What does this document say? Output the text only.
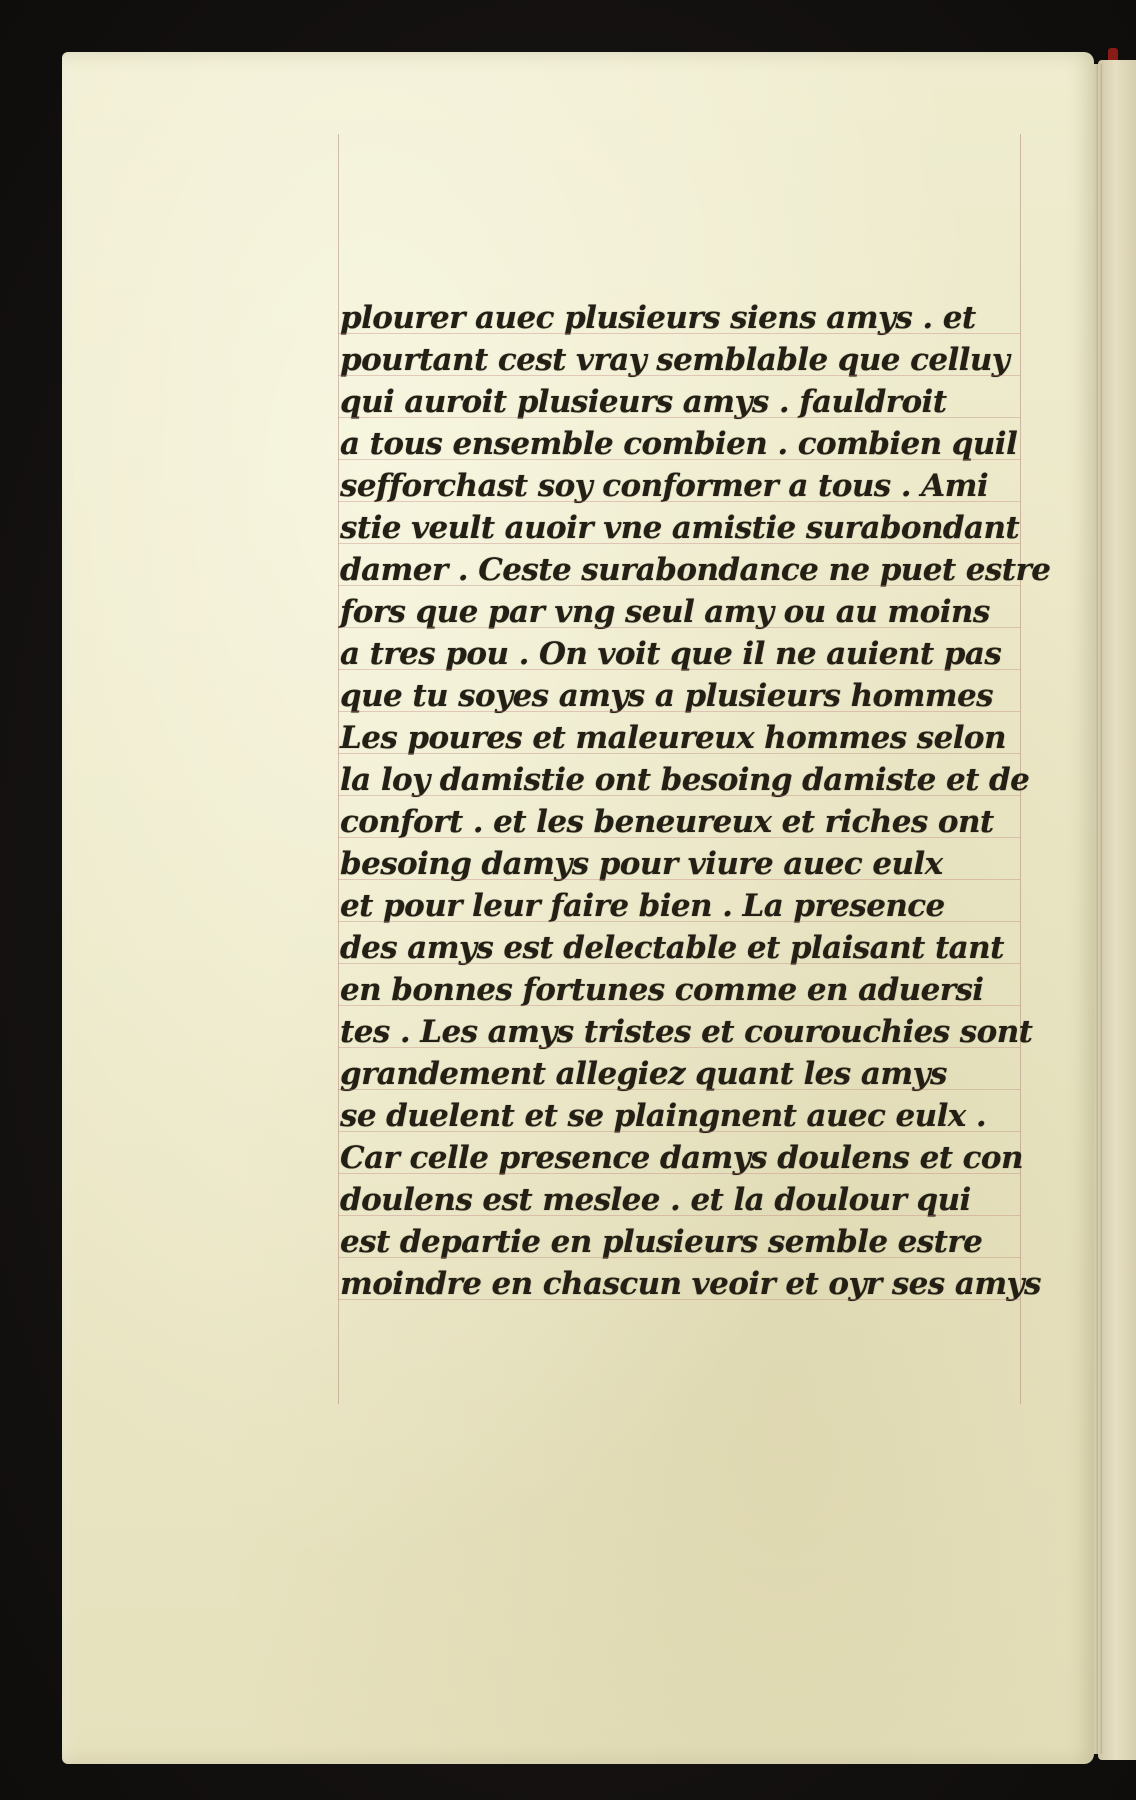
plourer auec plusieurs siens amys . et
pourtant cest vray semblable que celluy
qui auroit plusieurs amys . fauldroit
a tous ensemble combien . combien quil
sefforchast soy conformer a tous . Ami
stie veult auoir vne amistie surabondant
damer . Ceste surabondance ne puet estre
fors que par vng seul amy ou au moins
a tres pou . On voit que il ne auient pas
que tu soyes amys a plusieurs hommes
Les poures et maleureux hommes selon
la loy damistie ont besoing damiste et de
confort . et les beneureux et riches ont
besoing damys pour viure auec eulx
et pour leur faire bien . La presence
des amys est delectable et plaisant tant
en bonnes fortunes comme en aduersi
tes . Les amys tristes et courouchies sont
grandement allegiez quant les amys
se duelent et se plaingnent auec eulx .
Car celle presence damys doulens et con
doulens est meslee . et la doulour qui
est departie en plusieurs semble estre
moindre en chascun veoir et oyr ses amys
